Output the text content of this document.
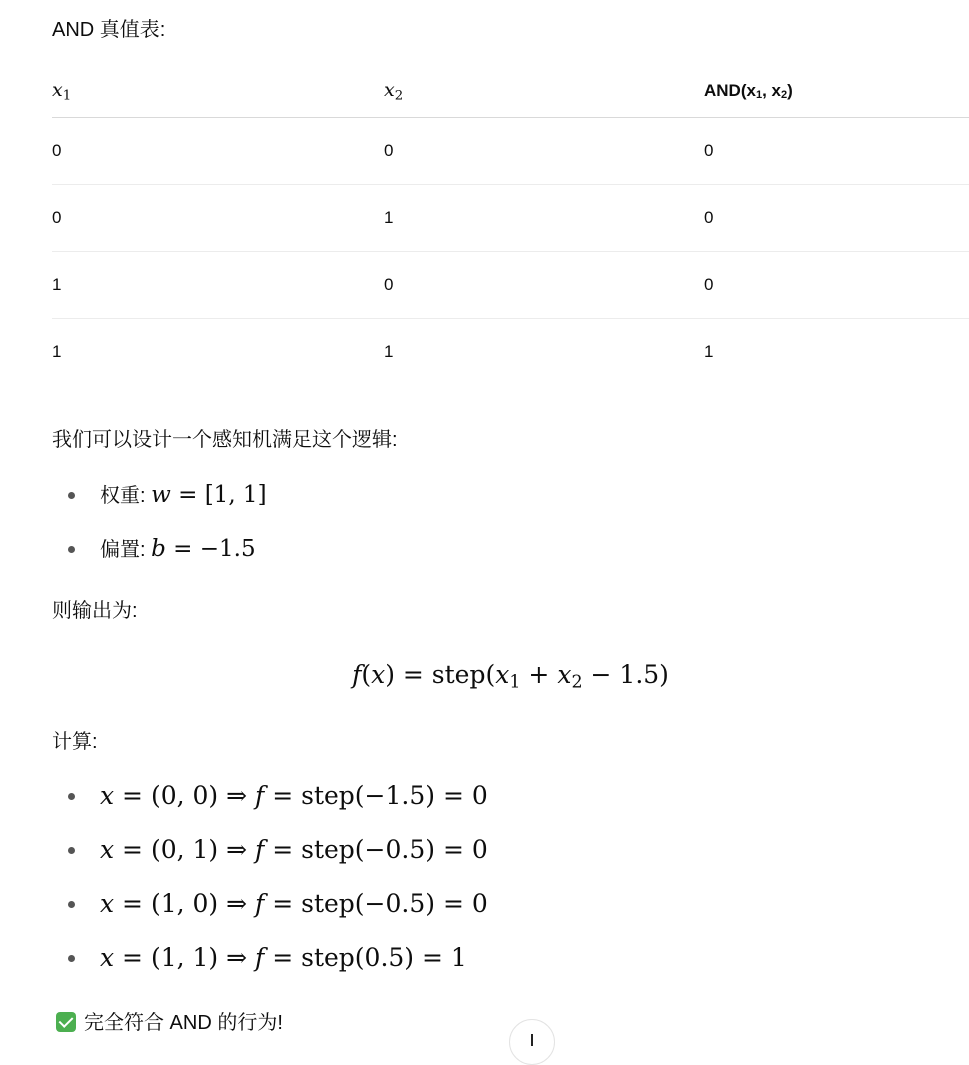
AND 真值表:
$x_1$	$x_2$	$AND(x_1$, $x_2$)
0	0	0
0	1	0
1	0	0
1	1	1
我们可以设计一个感知机满足这个逻辑:
权重: w = [1, 1]
偏置: b = −1.5
则输出为:
$f(x) = step(x_1 + x_2 - 1.5)$
计算:
x = (0, 0) ⇒ f = step(−1.5) = 0
x = (0, 1) ⇒ f = step(−0.5) = 0
x = (1, 0) ⇒ f = step(−0.5) = 0
x = (1, 1) ⇒ f = step(0.5) = 1
完全符合 AND 的行为!
